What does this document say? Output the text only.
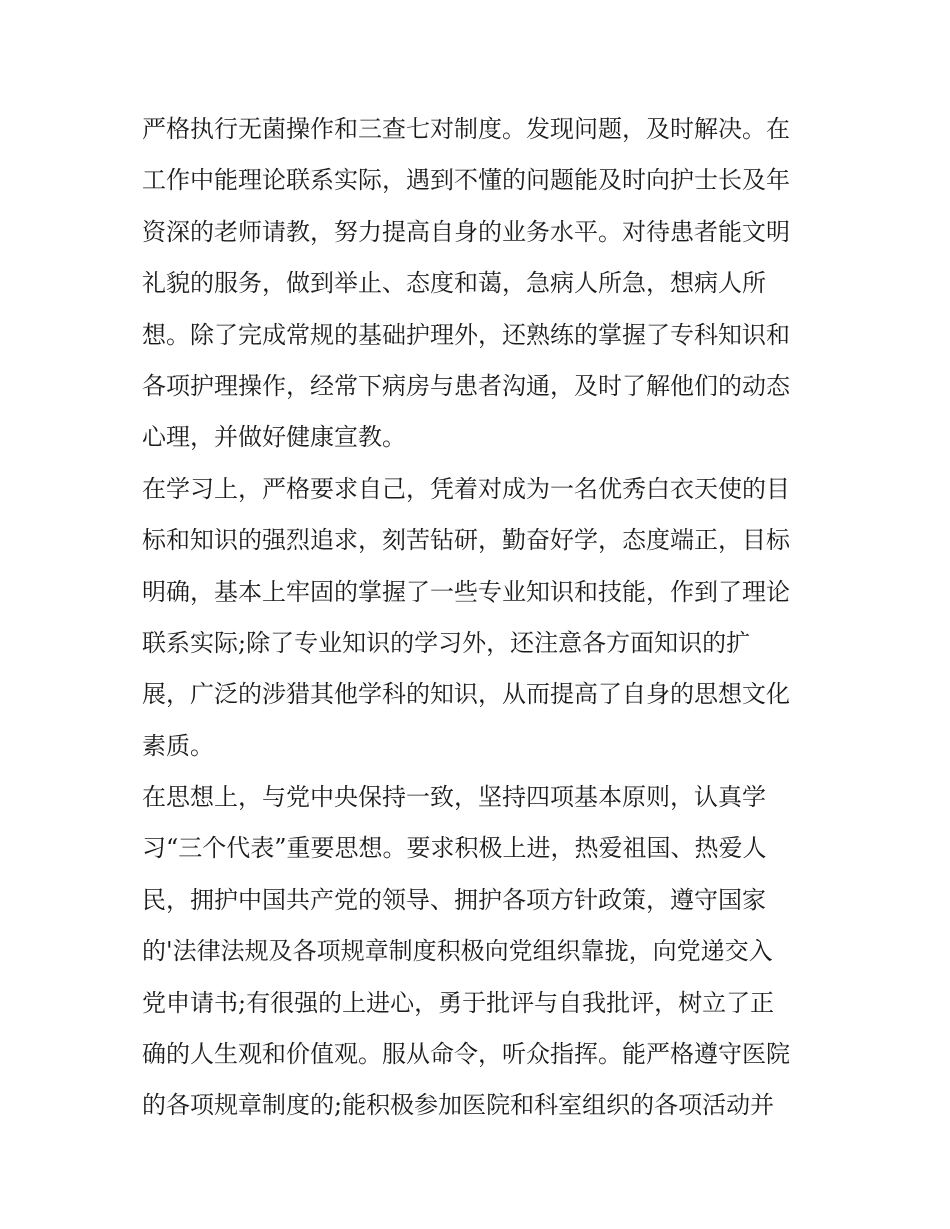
严格执行无菌操作和三查七对制度。发现问题，及时解决。在
工作中能理论联系实际，遇到不懂的问题能及时向护士长及年
资深的老师请教，努力提高自身的业务水平。对待患者能文明
礼貌的服务，做到举止、态度和蔼，急病人所急，想病人所
想。除了完成常规的基础护理外，还熟练的掌握了专科知识和
各项护理操作，经常下病房与患者沟通，及时了解他们的动态
心理，并做好健康宣教。
在学习上，严格要求自己，凭着对成为一名优秀白衣天使的目
标和知识的强烈追求，刻苦钻研，勤奋好学，态度端正，目标
明确，基本上牢固的掌握了一些专业知识和技能，作到了理论
联系实际;除了专业知识的学习外，还注意各方面知识的扩
展，广泛的涉猎其他学科的知识，从而提高了自身的思想文化
素质。
在思想上，与党中央保持一致，坚持四项基本原则，认真学
习“三个代表”重要思想。要求积极上进，热爱祖国、热爱人
民，拥护中国共产党的领导、拥护各项方针政策，遵守国家
的'法律法规及各项规章制度积极向党组织靠拢，向党递交入
党申请书;有很强的上进心，勇于批评与自我批评，树立了正
确的人生观和价值观。服从命令，听众指挥。能严格遵守医院
的各项规章制度的;能积极参加医院和科室组织的各项活动并
